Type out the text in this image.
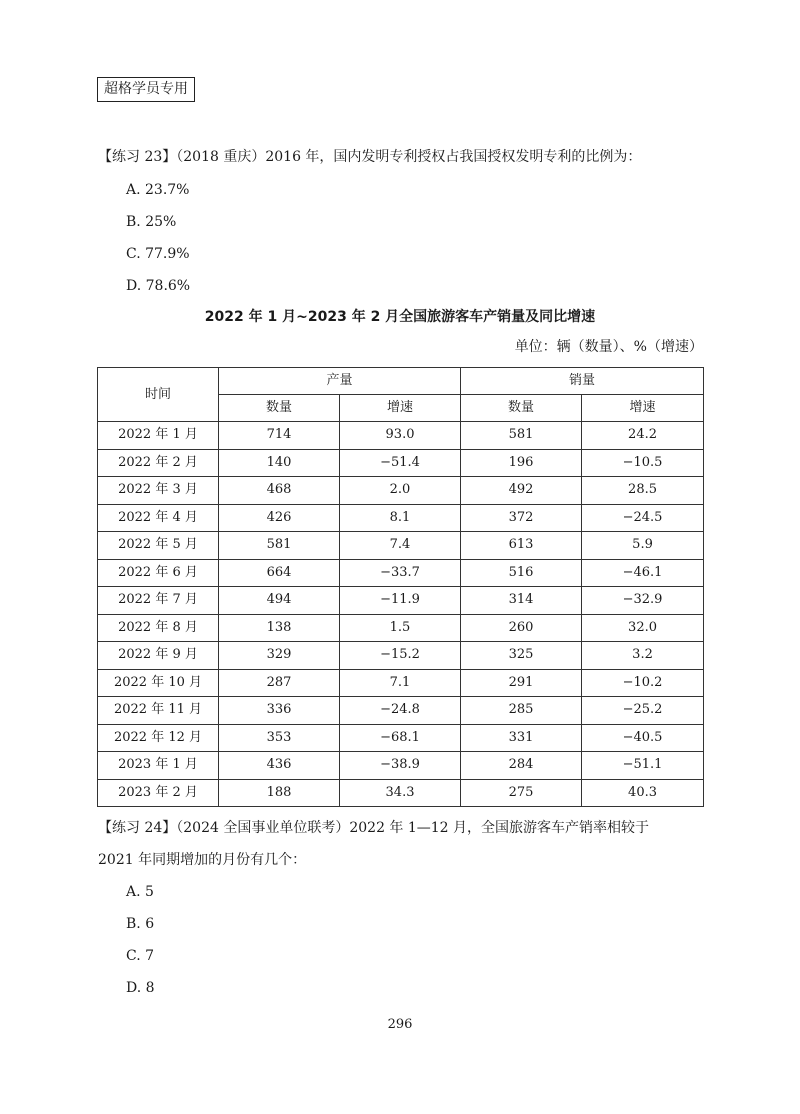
超格学员专用
【练习 23】（2018 重庆）2016 年，国内发明专利授权占我国授权发明专利的比例为：
A. 23.7%
B. 25%
C. 77.9%
D. 78.6%
2022 年 1 月~2023 年 2 月全国旅游客车产销量及同比增速
单位：辆（数量）、%（增速）
时间	产量		销量	
	数量	增速	数量	增速
2022 年 1 月	714	93.0	581	24.2
2022 年 2 月	140	−51.4	196	−10.5
2022 年 3 月	468	2.0	492	28.5
2022 年 4 月	426	8.1	372	−24.5
2022 年 5 月	581	7.4	613	5.9
2022 年 6 月	664	−33.7	516	−46.1
2022 年 7 月	494	−11.9	314	−32.9
2022 年 8 月	138	1.5	260	32.0
2022 年 9 月	329	−15.2	325	3.2
2022 年 10 月	287	7.1	291	−10.2
2022 年 11 月	336	−24.8	285	−25.2
2022 年 12 月	353	−68.1	331	−40.5
2023 年 1 月	436	−38.9	284	−51.1
2023 年 2 月	188	34.3	275	40.3
【练习 24】（2024 全国事业单位联考）2022 年 1—12 月，全国旅游客车产销率相较于
2021 年同期增加的月份有几个：
A. 5
B. 6
C. 7
D. 8
296
